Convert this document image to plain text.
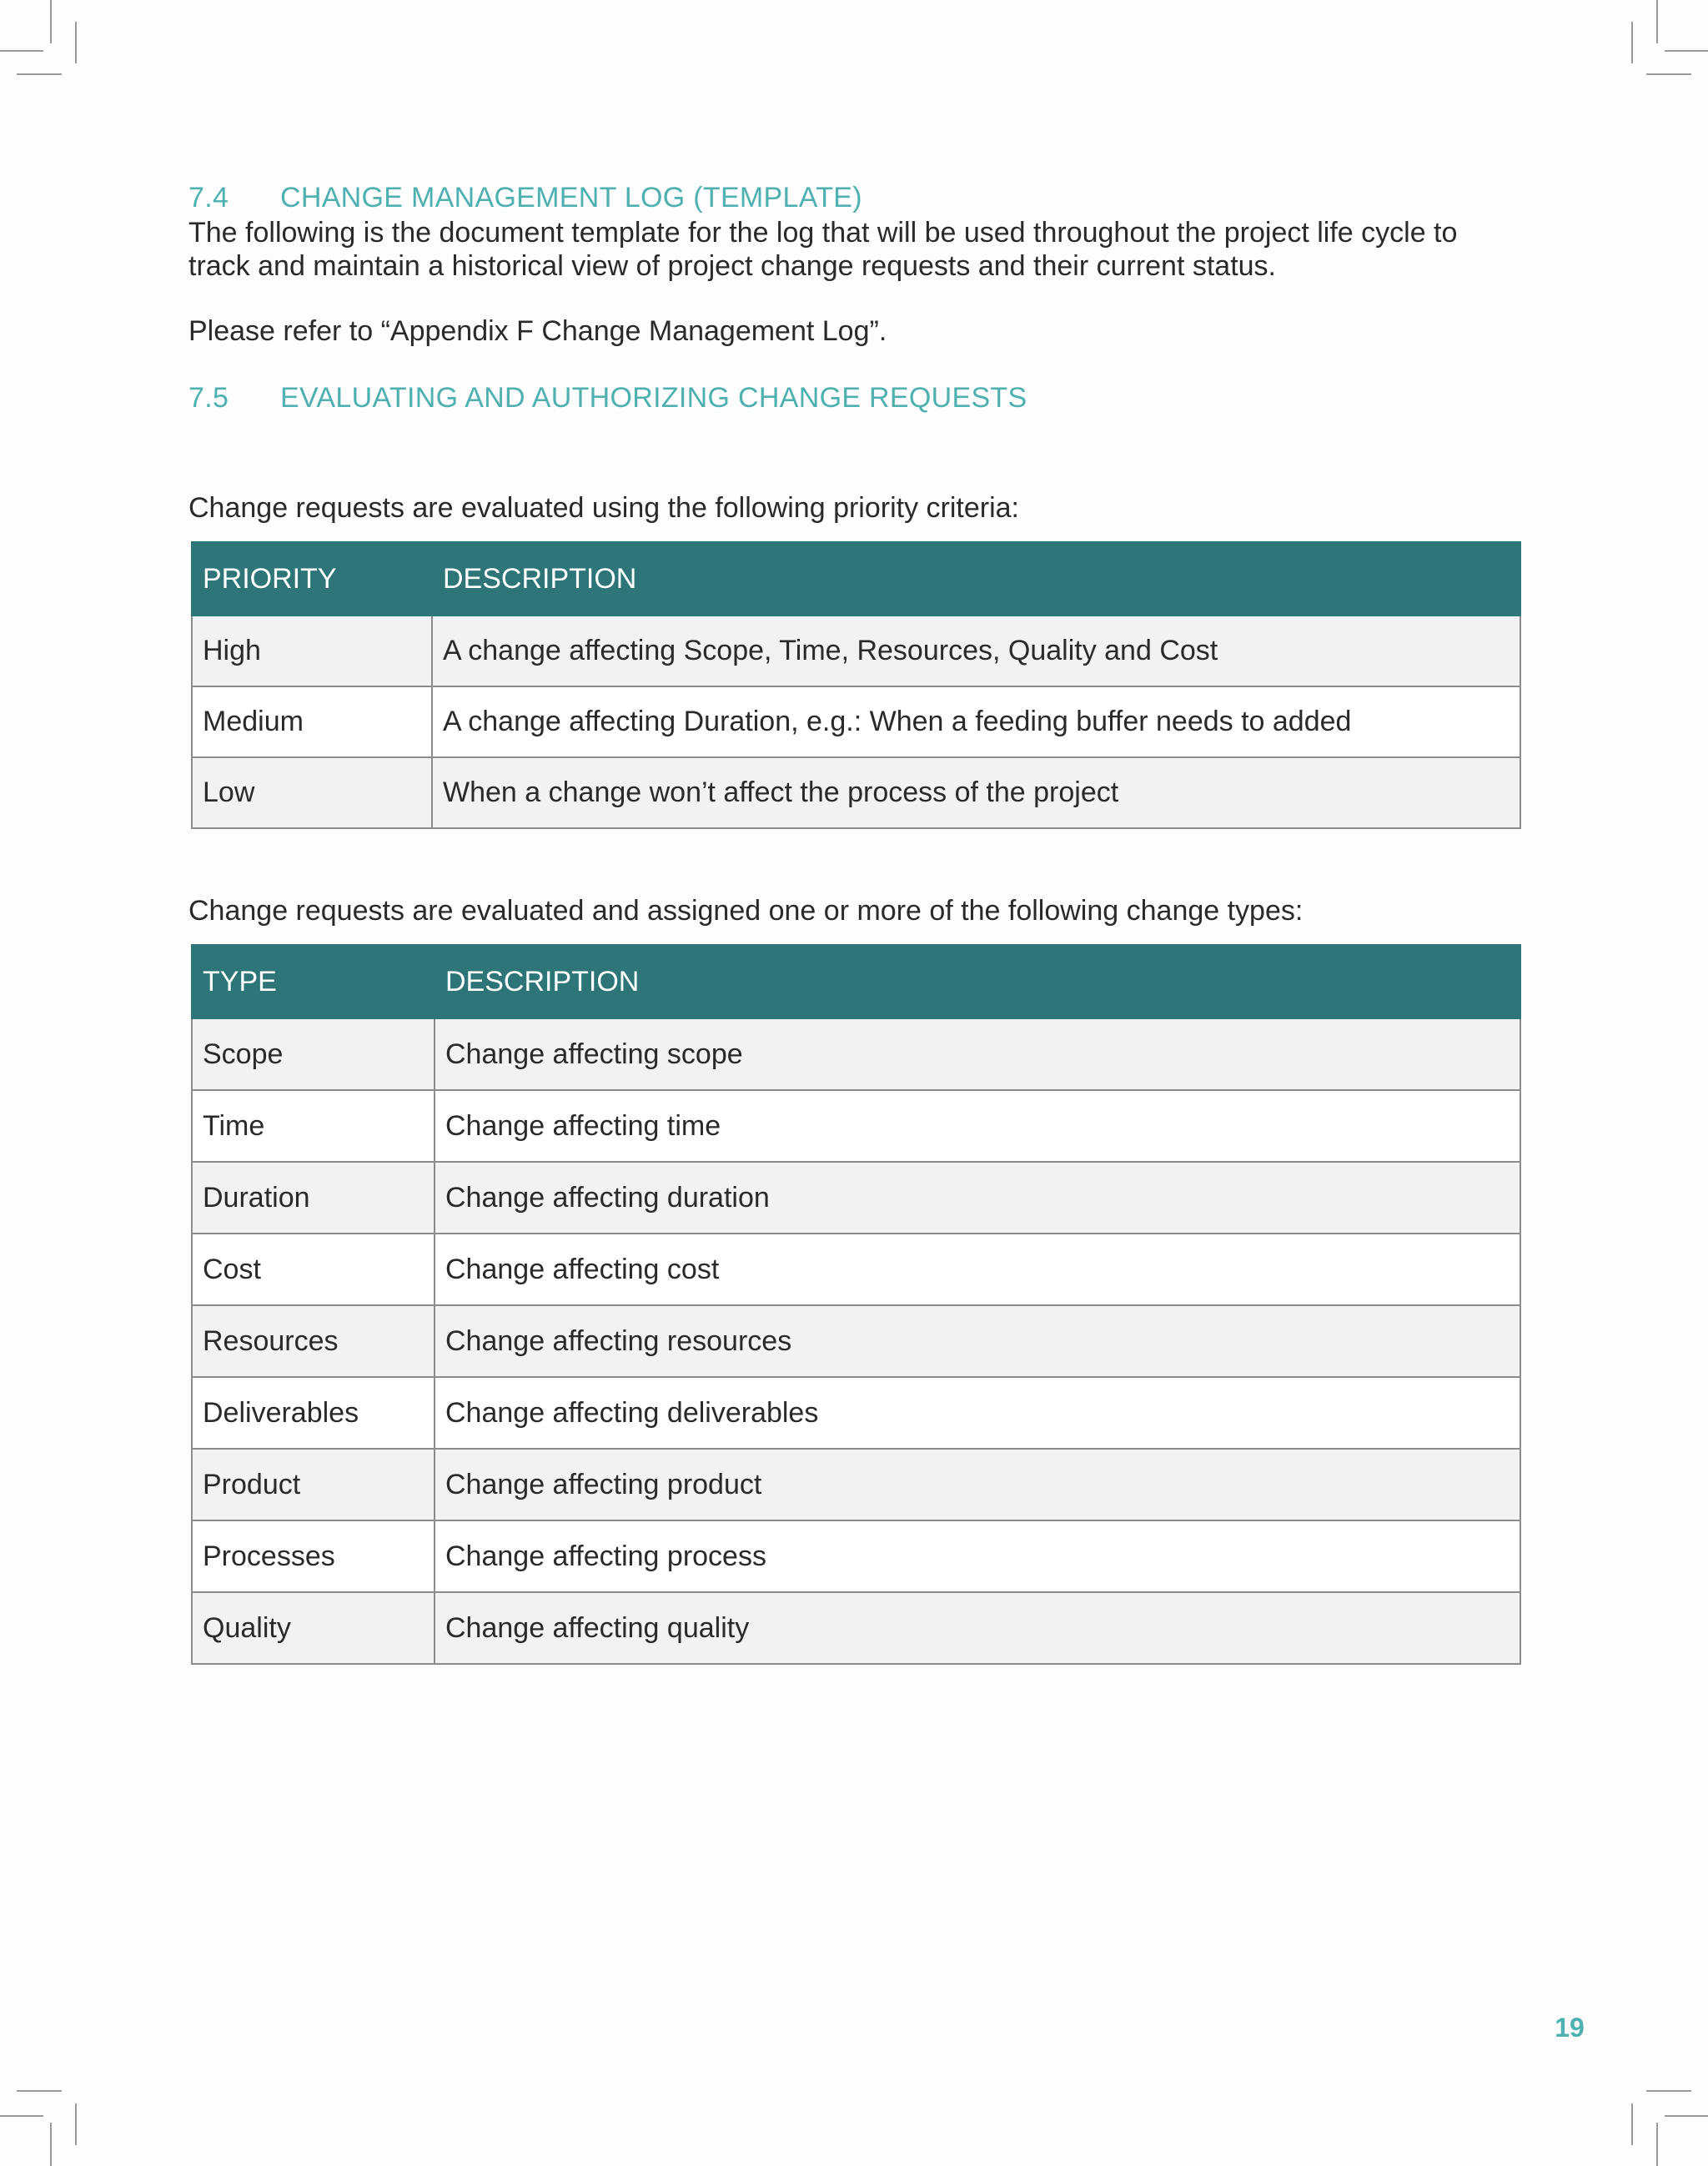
7.4	CHANGE MANAGEMENT LOG (TEMPLATE)

The following is the document template for the log that will be used throughout the project life cycle to track and maintain a historical view of project change requests and their current status.

Please refer to “Appendix F Change Management Log”.

7.5	EVALUATING AND AUTHORIZING CHANGE REQUESTS

Change requests are evaluated using the following priority criteria:

PRIORITY	DESCRIPTION
High	A change affecting Scope, Time, Resources, Quality and Cost
Medium	A change affecting Duration, e.g.: When a feeding buffer needs to added
Low	When a change won’t affect the process of the project

Change requests are evaluated and assigned one or more of the following change types:

TYPE	DESCRIPTION
Scope	Change affecting scope
Time	Change affecting time
Duration	Change affecting duration
Cost	Change affecting cost
Resources	Change affecting resources
Deliverables	Change affecting deliverables
Product	Change affecting product
Processes	Change affecting process
Quality	Change affecting quality
19
